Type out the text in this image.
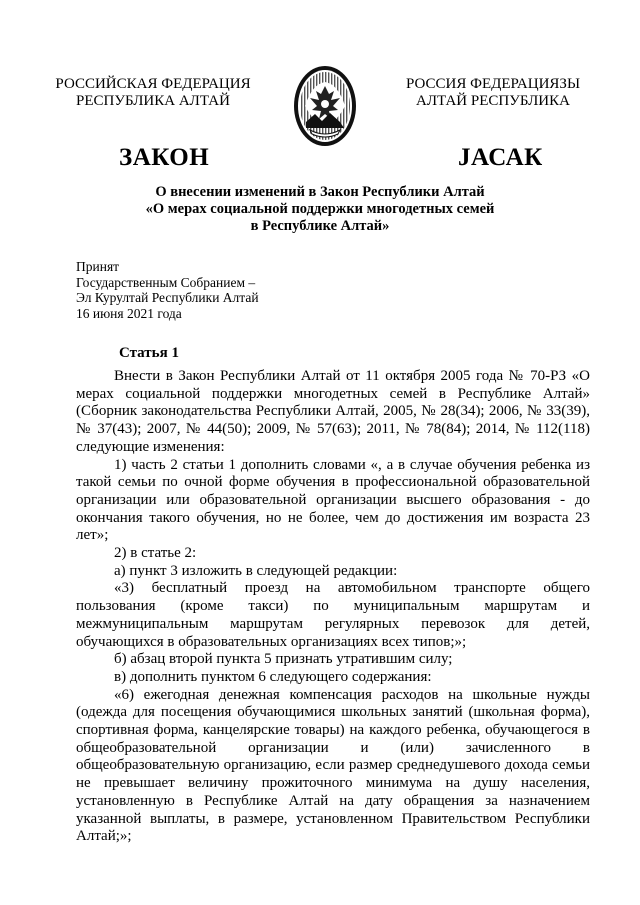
РОССИЙСКАЯ ФЕДЕРАЦИЯ
РЕСПУБЛИКА АЛТАЙ
РОССИЯ ФЕДЕРАЦИЯЗЫ
АЛТАЙ РЕСПУБЛИКА
ЗАКОН	ЈАСАК
О внесении изменений в Закон Республики Алтай
«О мерах социальной поддержки многодетных семей
в Республике Алтай»
Принят
Государственным Собранием –
Эл Курултай Республики Алтай
16 июня 2021 года
Статья 1

Внести в Закон Республики Алтай от 11 октября 2005 года № 70-РЗ «О мерах социальной поддержки многодетных семей в Республике Алтай» (Сборник законодательства Республики Алтай, 2005, № 28(34); 2006, № 33(39), № 37(43); 2007, № 44(50); 2009, № 57(63); 2011, № 78(84); 2014, № 112(118) следующие изменения:

1) часть 2 статьи 1 дополнить словами «, а в случае обучения ребенка из такой семьи по очной форме обучения в профессиональной образовательной организации или образовательной организации высшего образования - до окончания такого обучения, но не более, чем до достижения им возраста 23 лет»;

2) в статье 2:

а) пункт 3 изложить в следующей редакции:

«3) бесплатный проезд на автомобильном транспорте общего пользования (кроме такси) по муниципальным маршрутам и межмуниципальным маршрутам регулярных перевозок для детей, обучающихся в образовательных организациях всех типов;»;

б) абзац второй пункта 5 признать утратившим силу;

в) дополнить пунктом 6 следующего содержания:

«6) ежегодная денежная компенсация расходов на школьные нужды (одежда для посещения обучающимися школьных занятий (школьная форма), спортивная форма, канцелярские товары) на каждого ребенка, обучающегося в общеобразовательной организации и (или) зачисленного в общеобразовательную организацию, если размер среднедушевого дохода семьи не превышает величину прожиточного минимума на душу населения, установленную в Республике Алтай на дату обращения за назначением указанной выплаты, в размере, установленном Правительством Республики Алтай;»;
